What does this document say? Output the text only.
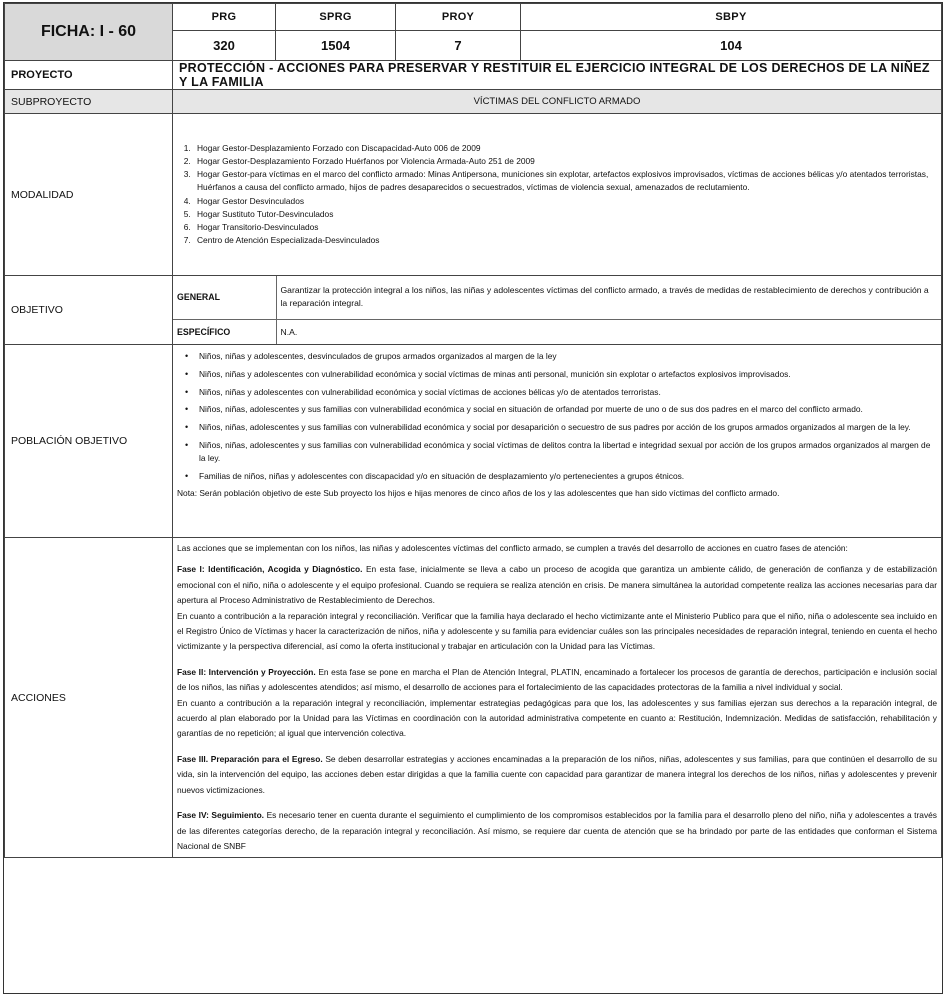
FICHA: I - 60	PRG	SPRG	PROY	SBPY
320	1504	7	104
PROYECTO	PROTECCIÓN - ACCIONES PARA PRESERVAR Y RESTITUIR EL EJERCICIO INTEGRAL DE LOS DERECHOS DE LA NIÑEZ Y LA FAMILIA
SUBPROYECTO	VÍCTIMAS DEL CONFLICTO ARMADO
MODALIDAD	
1. Hogar Gestor-Desplazamiento Forzado con Discapacidad-Auto 006 de 2009
2. Hogar Gestor-Desplazamiento Forzado Huérfanos por Violencia Armada-Auto 251 de 2009
3. Hogar Gestor-para víctimas en el marco del conflicto armado: Minas Antipersona, municiones sin explotar, artefactos explosivos improvisados, víctimas de acciones bélicas y/o atentados terroristas, Huérfanos a causa del conflicto armado, hijos de padres desaparecidos o secuestrados, víctimas de violencia sexual, amenazados de reclutamiento.
4. Hogar Gestor Desvinculados
5. Hogar Sustituto Tutor-Desvinculados
6. Hogar Transitorio-Desvinculados
7. Centro de Atención Especializada-Desvinculados

OBJETIVO	
GENERAL	Garantizar la protección integral a los niños, las niñas y adolescentes víctimas del conflicto armado, a través de medidas de restablecimiento de derechos y contribución a la reparación integral.
ESPECÍFICO	N.A.

POBLACIÓN OBJETIVO	
• Niños, niñas y adolescentes, desvinculados de grupos armados organizados al margen de la ley
• Niños, niñas y adolescentes con vulnerabilidad económica y social víctimas de minas anti personal, munición sin explotar o artefactos explosivos improvisados.
• Niños, niñas y adolescentes con vulnerabilidad económica y social víctimas de acciones bélicas y/o de atentados terroristas.
• Niños, niñas, adolescentes y sus familias con vulnerabilidad económica y social en situación de orfandad por muerte de uno o de sus dos padres en el marco del conflicto armado.
• Niños, niñas, adolescentes y sus familias con vulnerabilidad económica y social por desaparición o secuestro de sus padres por acción de los grupos armados organizados al margen de la ley.
• Niños, niñas, adolescentes y sus familias con vulnerabilidad económica y social víctimas de delitos contra la libertad e integridad sexual por acción de los grupos armados organizados al margen de la ley.
• Familias de niños, niñas y adolescentes con discapacidad y/o en situación de desplazamiento y/o pertenecientes a grupos étnicos.
Nota: Serán población objetivo de este Sub proyecto los hijos e hijas menores de cinco años de los y las adolescentes que han sido víctimas del conflicto armado.

ACCIONES	

Las acciones que se implementan con los niños, las niñas y adolescentes víctimas del conflicto armado, se cumplen a través del desarrollo de acciones en cuatro fases de atención:

Fase I: Identificación, Acogida y Diagnóstico. En esta fase, inicialmente se lleva a cabo un proceso de acogida que garantiza un ambiente cálido, de generación de confianza y de estabilización emocional con el niño, niña o adolescente y el equipo profesional. Cuando se requiera se realiza atención en crisis. De manera simultánea la autoridad competente realiza las acciones necesarias para dar apertura al Proceso Administrativo de Restablecimiento de Derechos.

En cuanto a contribución a la reparación integral y reconciliación. Verificar que la familia haya declarado el hecho victimizante ante el Ministerio Publico para que el niño, niña o adolescente sea incluido en el Registro Único de Víctimas y hacer la caracterización de niños, niña y adolescente y su familia para evidenciar cuáles son las principales necesidades de reparación integral, teniendo en cuenta el hecho victimizante y la perspectiva diferencial, así como la oferta institucional y trabajar en articulación con la Unidad para las Víctimas.

Fase II: Intervención y Proyección. En esta fase se pone en marcha el Plan de Atención Integral, PLATIN, encaminado a fortalecer los procesos de garantía de derechos, participación e inclusión social de los niños, las niñas y adolescentes atendidos; así mismo, el desarrollo de acciones para el fortalecimiento de las capacidades protectoras de la familia a nivel individual y social.

En cuanto a contribución a la reparación integral y reconciliación, implementar estrategias pedagógicas para que los, las adolescentes y sus familias ejerzan sus derechos a la reparación integral, de acuerdo al plan elaborado por la Unidad para las Víctimas en coordinación con la autoridad administrativa competente en cuanto a: Restitución, Indemnización. Medidas de satisfacción, rehabilitación y garantías de no repetición; al igual que intervención colectiva.

Fase III. Preparación para el Egreso. Se deben desarrollar estrategias y acciones encaminadas a la preparación de los niños, niñas, adolescentes y sus familias, para que continúen el desarrollo de su vida, sin la intervención del equipo, las acciones deben estar dirigidas a que la familia cuente con capacidad para garantizar de manera integral los derechos de los niños, niñas y adolescentes y prevenir nuevos victimizaciones.

Fase IV: Seguimiento. Es necesario tener en cuenta durante el seguimiento el cumplimiento de los compromisos establecidos por la familia para el desarrollo pleno del niño, niña y adolescentes a través de las diferentes categorías derecho, de la reparación integral y reconciliación. Así mismo, se requiere dar cuenta de atención que se ha brindado por parte de las entidades que conforman el Sistema Nacional de SNBF
